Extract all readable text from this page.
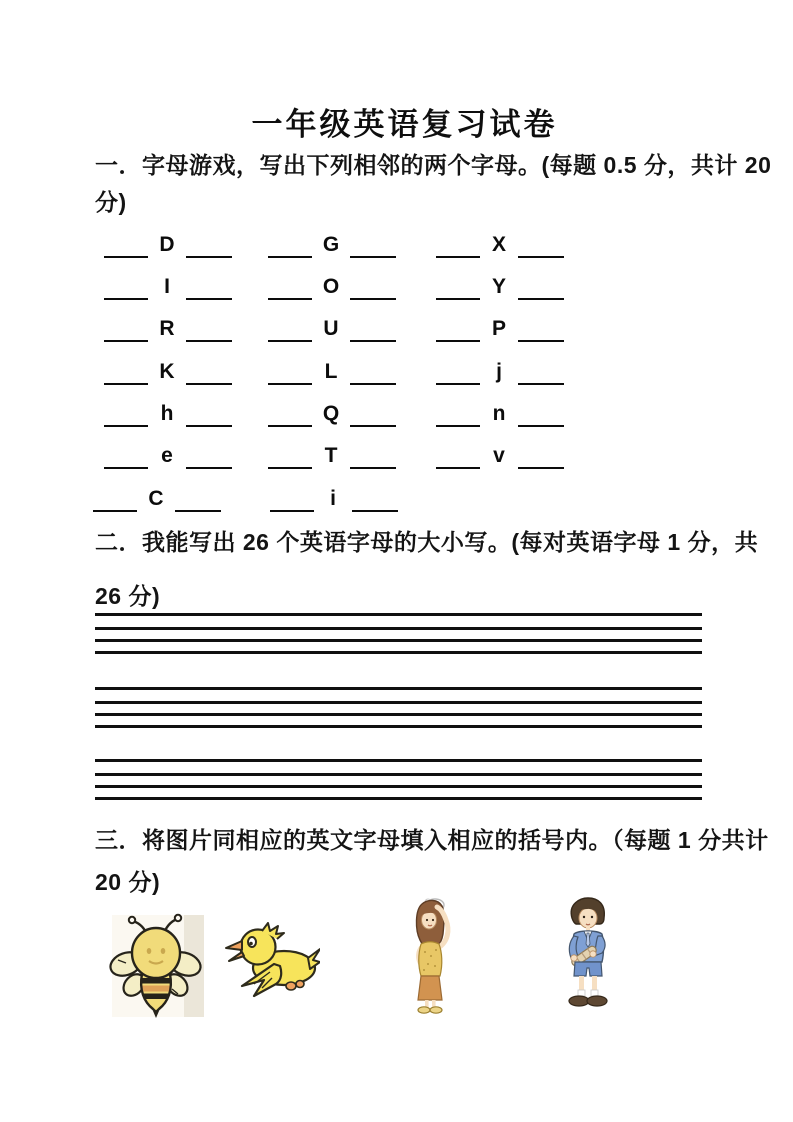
一年级英语复习试卷
一．字母游戏，写出下列相邻的两个字母。(每题 0.5 分，共计 20
分)
D	G	X
I	O	Y
R	U	P
K	L	j
h	Q	n
e	T	v
C	i
二．我能写出 26 个英语字母的大小写。(每对英语字母 1 分，共
26 分)
三．将图片同相应的英文字母填入相应的括号内。（每题 1 分共计
20 分)
